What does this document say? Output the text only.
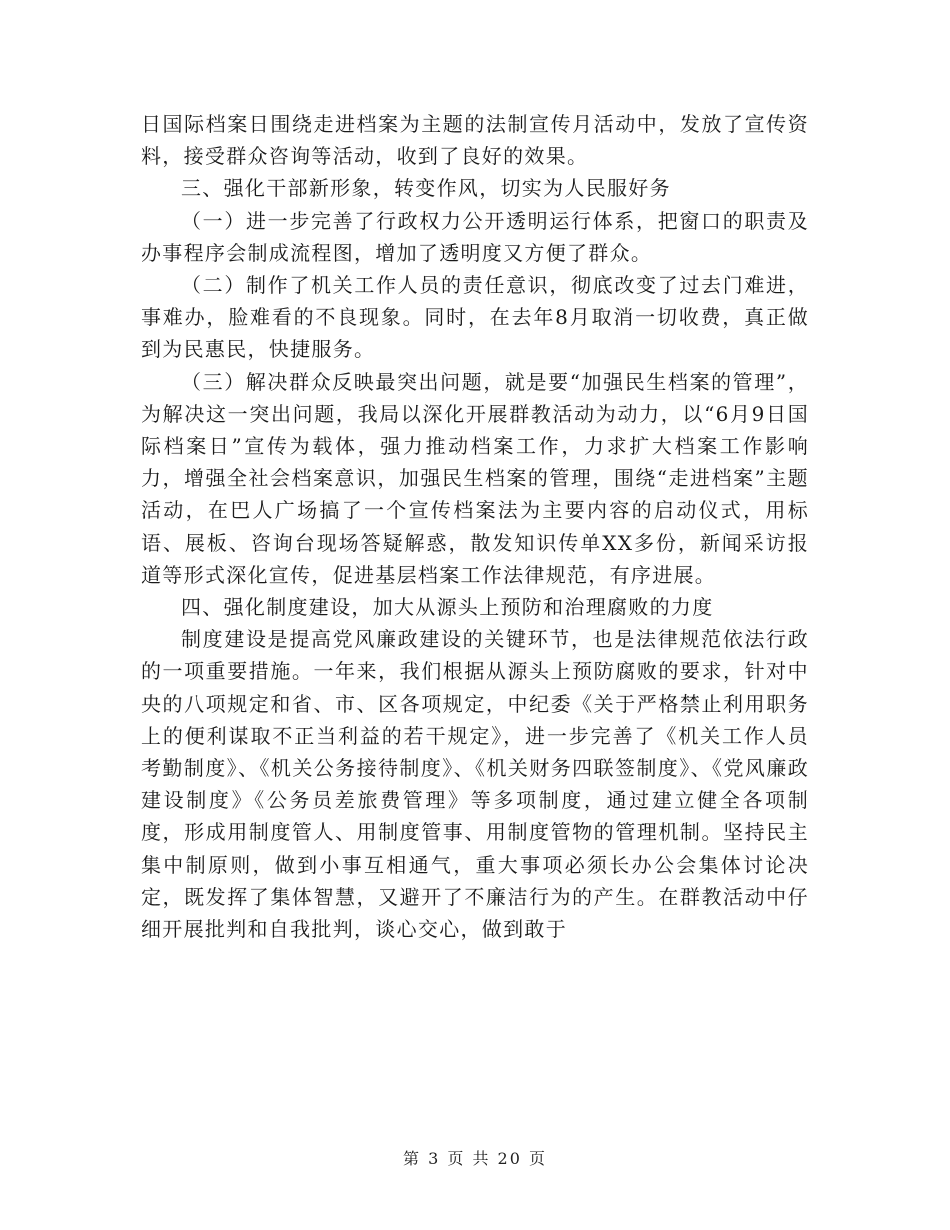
日国际档案日围绕走进档案为主题的法制宣传月活动中，发放了宣传资料，接受群众咨询等活动，收到了良好的效果。

三、强化干部新形象，转变作风，切实为人民服好务

（一）进一步完善了行政权力公开透明运行体系，把窗口的职责及办事程序会制成流程图，增加了透明度又方便了群众。

（二）制作了机关工作人员的责任意识，彻底改变了过去门难进，事难办，脸难看的不良现象。同时，在去年8月取消一切收费，真正做到为民惠民，快捷服务。

（三）解决群众反映最突出问题，就是要“加强民生档案的管理”，为解决这一突出问题，我局以深化开展群教活动为动力，以“6月9日国际档案日”宣传为载体，强力推动档案工作，力求扩大档案工作影响力，增强全社会档案意识，加强民生档案的管理，围绕“走进档案”主题活动，在巴人广场搞了一个宣传档案法为主要内容的启动仪式，用标语、展板、咨询台现场答疑解惑，散发知识传单XX多份，新闻采访报道等形式深化宣传，促进基层档案工作法律规范，有序进展。

四、强化制度建设，加大从源头上预防和治理腐败的力度

制度建设是提高党风廉政建设的关键环节，也是法律规范依法行政的一项重要措施。一年来，我们根据从源头上预防腐败的要求，针对中央的八项规定和省、市、区各项规定，中纪委《关于严格禁止利用职务上的便利谋取不正当利益的若干规定》，进一步完善了《机关工作人员考勤制度》、《机关公务接待制度》、《机关财务四联签制度》、《党风廉政建设制度》《公务员差旅费管理》等多项制度，通过建立健全各项制度，形成用制度管人、用制度管事、用制度管物的管理机制。坚持民主集中制原则，做到小事互相通气，重大事项必须长办公会集体讨论决定，既发挥了集体智慧，又避开了不廉洁行为的产生。在群教活动中仔细开展批判和自我批判，谈心交心，做到敢于

第 3 页 共 20 页
